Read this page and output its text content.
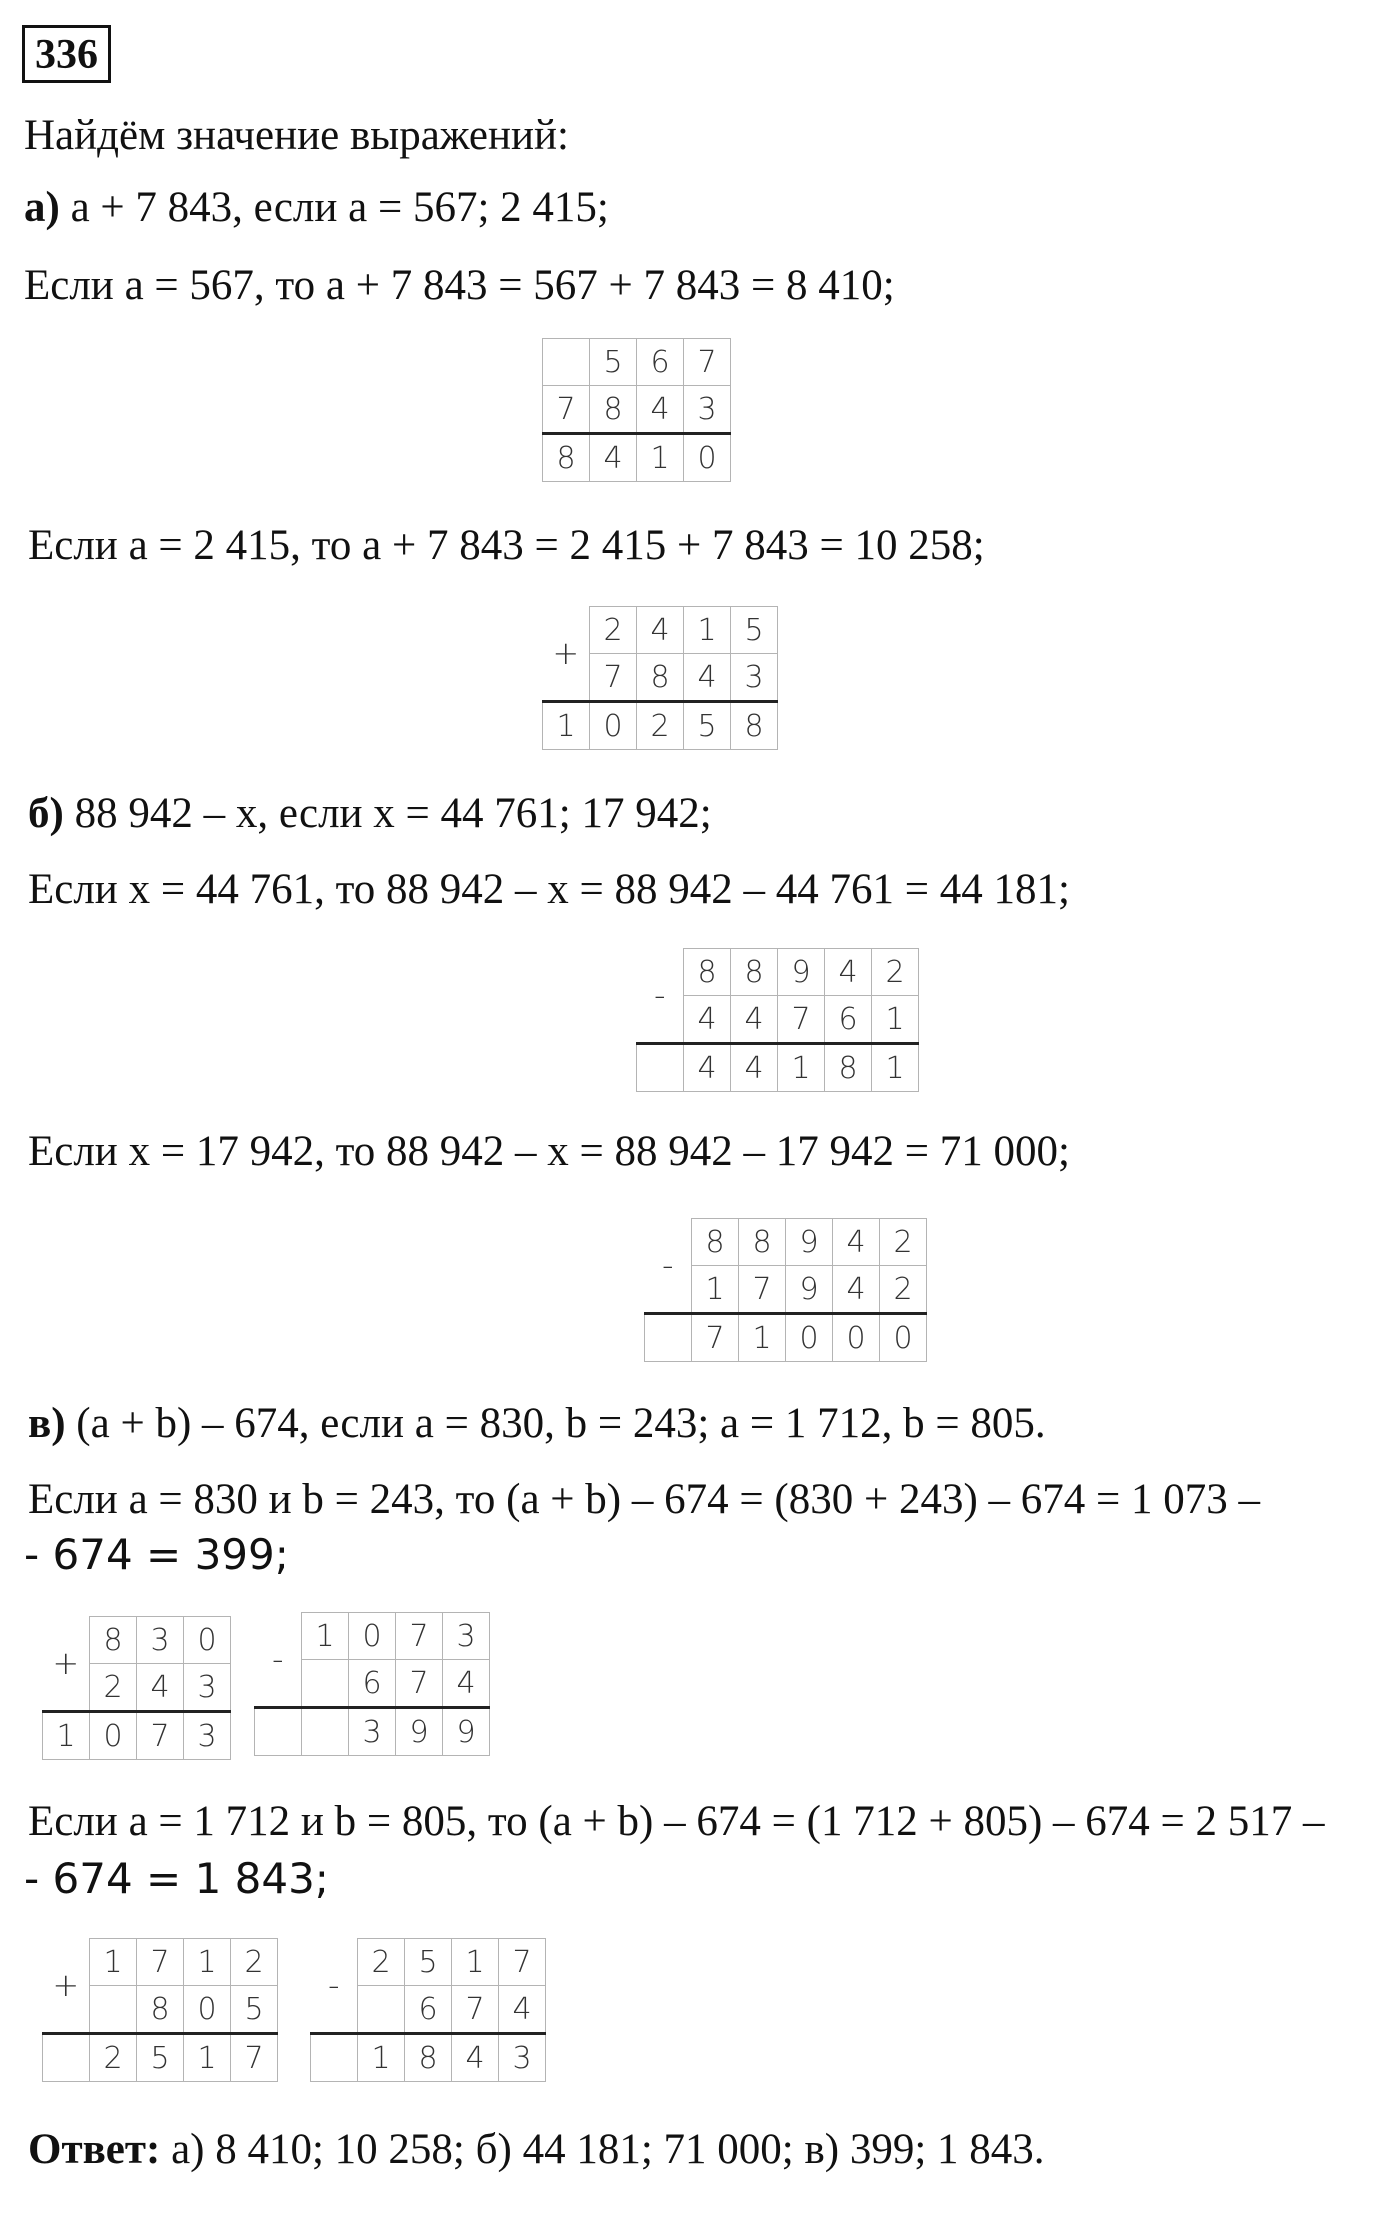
336
Найдём значение выражений:
а) a + 7 843, если a = 567; 2 415;
Если a = 567, то a + 7 843 = 567 + 7 843 = 8 410;
	5	6	7
7	8	4	3
8	4	1	0
Если a = 2 415, то a + 7 843 = 2 415 + 7 843 = 10 258;
+	2	4	1	5
	7	8	4	3
1	0	2	5	8
б) 88 942 – x, если x = 44 761; 17 942;
Если x = 44 761, то 88 942 – x = 88 942 – 44 761 = 44 181;
-	8	8	9	4	2
	4	4	7	6	1
	4	4	1	8	1
Если x = 17 942, то 88 942 – x = 88 942 – 17 942 = 71 000;
-	8	8	9	4	2
	1	7	9	4	2
	7	1	0	0	0
в) (a + b) – 674, если a = 830, b = 243; a = 1 712, b = 805.
Если a = 830 и b = 243, то (a + b) – 674 = (830 + 243) – 674 = 1 073 –
- 674 = 399;
+	8	3	0
	2	4	3
1	0	7	3
-	1	0	7	3
		6	7	4
		3	9	9
Если a = 1 712 и b = 805, то (a + b) – 674 = (1 712 + 805) – 674 = 2 517 –
- 674 = 1 843;
+	1	7	1	2
		8	0	5
	2	5	1	7
-	2	5	1	7
		6	7	4
	1	8	4	3
Ответ: а) 8 410; 10 258; б) 44 181; 71 000; в) 399; 1 843.
